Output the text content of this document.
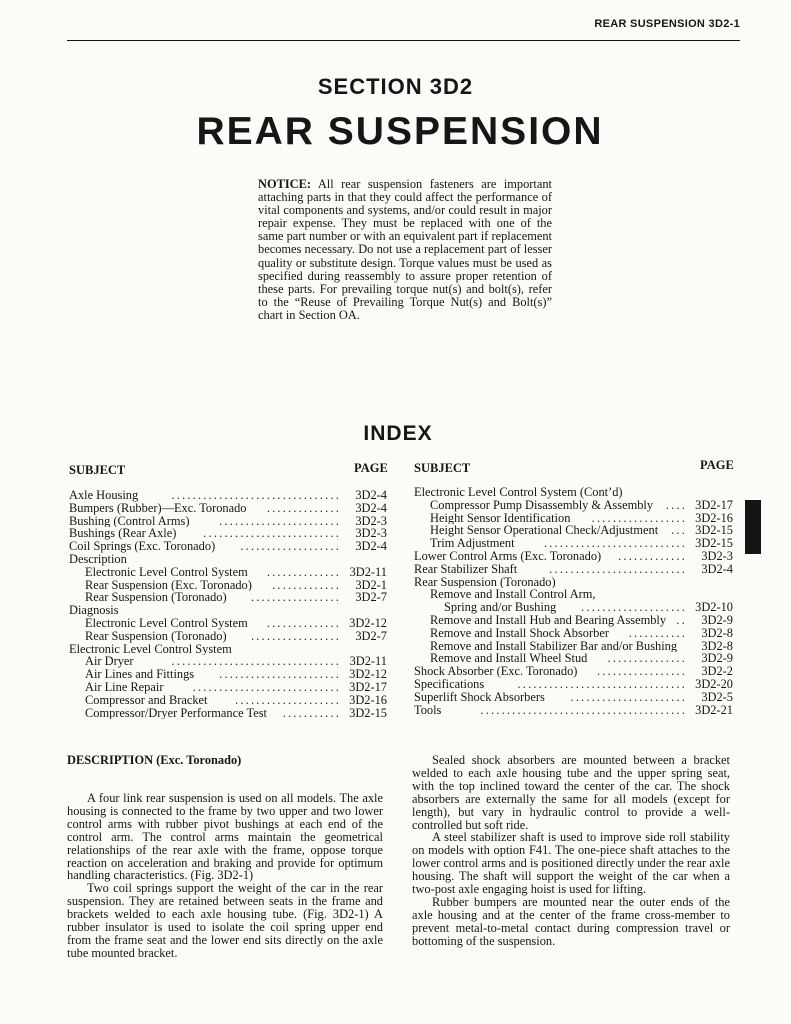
REAR SUSPENSION 3D2-1
SECTION 3D2
REAR SUSPENSION
NOTICE: All rear suspension fasteners are important attaching parts in that they could affect the performance of vital components and systems, and/or could result in major repair expense. They must be replaced with one of the same part number or with an equivalent part if replacement becomes necessary. Do not use a replacement part of lesser quality or substitute design. Torque values must be used as specified during reassembly to assure proper retention of these parts. For prevailing torque nut(s) and bolt(s), refer to the “Reuse of Prevailing Torque Nut(s) and Bolt(s)” chart in Section OA.
INDEX
SUBJECT	PAGE SUBJECT	PAGE
Axle Housing	................................ 3D2-4
Bumpers (Rubber)—Exc. Toronado	.............. 3D2-4
Bushing (Control Arms)	....................... 3D2-3
Bushings (Rear Axle)	.......................... 3D2-3
Coil Springs (Exc. Toronado)	................... 3D2-4
Description
Electronic Level Control System	.............. 3D2-11
Rear Suspension (Exc. Toronado)	............. 3D2-1
Rear Suspension (Toronado)	................. 3D2-7
Diagnosis
Electronic Level Control System	.............. 3D2-12
Rear Suspension (Toronado)	................. 3D2-7
Electronic Level Control System
Air Dryer	................................ 3D2-11
Air Lines and Fittings	....................... 3D2-12
Air Line Repair	............................ 3D2-17
Compressor and Bracket	.................... 3D2-16
Compressor/Dryer Performance Test	........... 3D2-15
Electronic Level Control System (Cont’d)
Compressor Pump Disassembly & Assembly	.... 3D2-17
Height Sensor Identification	.................. 3D2-16
Height Sensor Operational Check/Adjustment	... 3D2-15
Trim Adjustment	........................... 3D2-15
Lower Control Arms (Exc. Toronado)	............. 3D2-3
Rear Stabilizer Shaft	.......................... 3D2-4
Rear Suspension (Toronado)
Remove and Install Control Arm,
Spring and/or Bushing	.................... 3D2-10
Remove and Install Hub and Bearing Assembly .. 3D2-9
Remove and Install Shock Absorber	........... 3D2-8
Remove and Install Stabilizer Bar and/or Bushing 3D2-8
Remove and Install Wheel Stud	............... 3D2-9
Shock Absorber (Exc. Toronado)	................. 3D2-2
Specifications	................................ 3D2-20
Superlift Shock Absorbers	...................... 3D2-5
Tools	....................................... 3D2-21
DESCRIPTION (Exc. Toronado)

A four link rear suspension is used on all models. The axle housing is connected to the frame by two upper and two lower control arms with rubber pivot bushings at each end of the control arm. The control arms maintain the geometrical relationships of the rear axle with the frame, oppose torque reaction on acceleration and braking and provide for optimum handling characteristics. (Fig. 3D2-1)

Two coil springs support the weight of the car in the rear suspension. They are retained between seats in the frame and brackets welded to each axle housing tube. (Fig. 3D2-1) A rubber insulator is used to isolate the coil spring upper end from the frame seat and the lower end sits directly on the axle tube mounted bracket.

Sealed shock absorbers are mounted between a bracket welded to each axle housing tube and the upper spring seat, with the top inclined toward the center of the car. The shock absorbers are externally the same for all models (except for length), but vary in hydraulic control to provide a well-controlled but soft ride.

A steel stabilizer shaft is used to improve side roll stability on models with option F41. The one-piece shaft attaches to the lower control arms and is positioned directly under the rear axle housing. The shaft will support the weight of the car when a two-post axle engaging hoist is used for lifting.

Rubber bumpers are mounted near the outer ends of the axle housing and at the center of the frame cross-member to prevent metal-to-metal contact during compression travel or bottoming of the suspension.
